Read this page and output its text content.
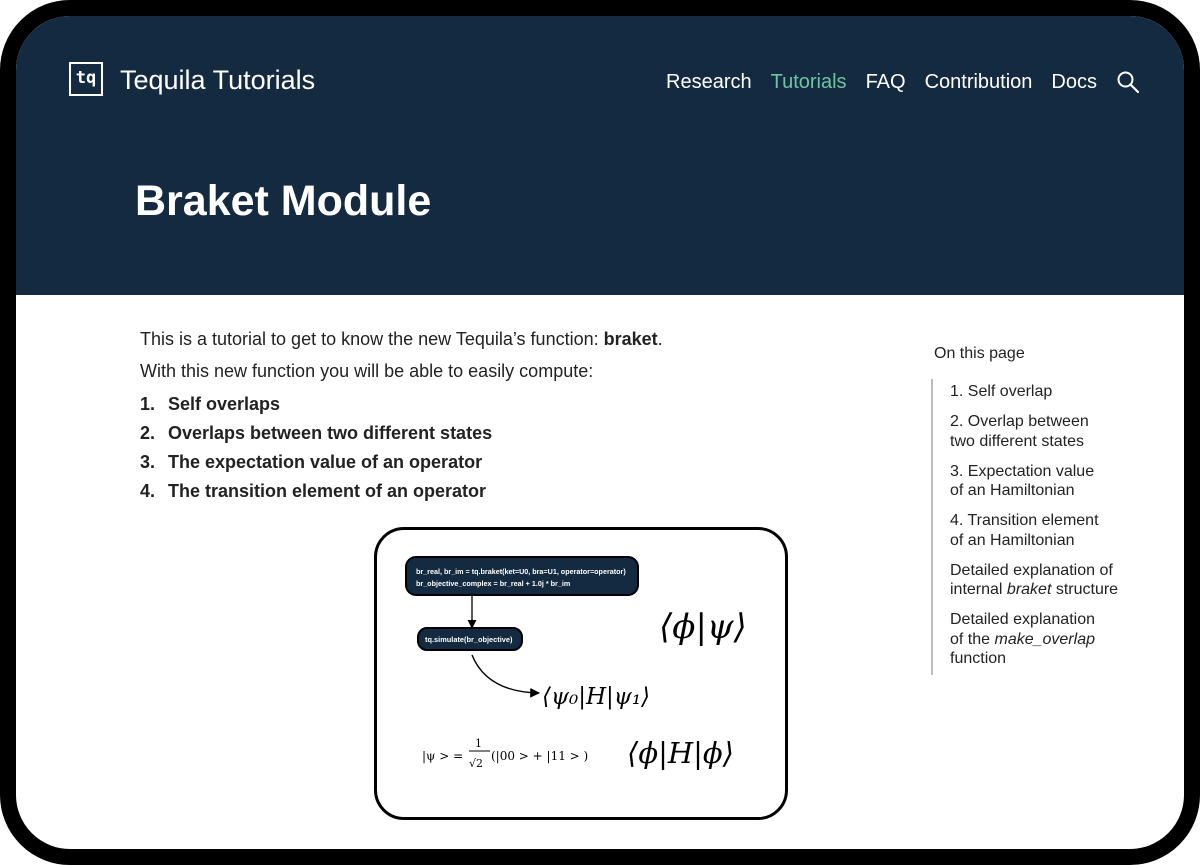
tq Tequila Tutorials	Research Tutorials FAQ Contribution Docs
Braket Module

This is a tutorial to get to know the new Tequila’s function: braket.

With this new function you will be able to easily compute:

1. Self overlaps
2. Overlaps between two different states
3. The expectation value of an operator
4. The transition element of an operator
br_real, br_im = tq.braket(ket=U0, bra=U1, operator=operator)
br_objective_complex = br_real + 1.0j * br_im
tq.simulate(br_objective)	⟨ϕ|ψ⟩
⟨ψ₀|H|ψ₁⟩
|ψ > =
1
√2
(|00 > + |11 > ) ⟨ϕ|H|ϕ⟩
On this page
1. Self overlap
2. Overlap between
two different states
3. Expectation value
of an Hamiltonian
4. Transition element
of an Hamiltonian
Detailed explanation of
internal braket structure
Detailed explanation
of the make_overlap
function
